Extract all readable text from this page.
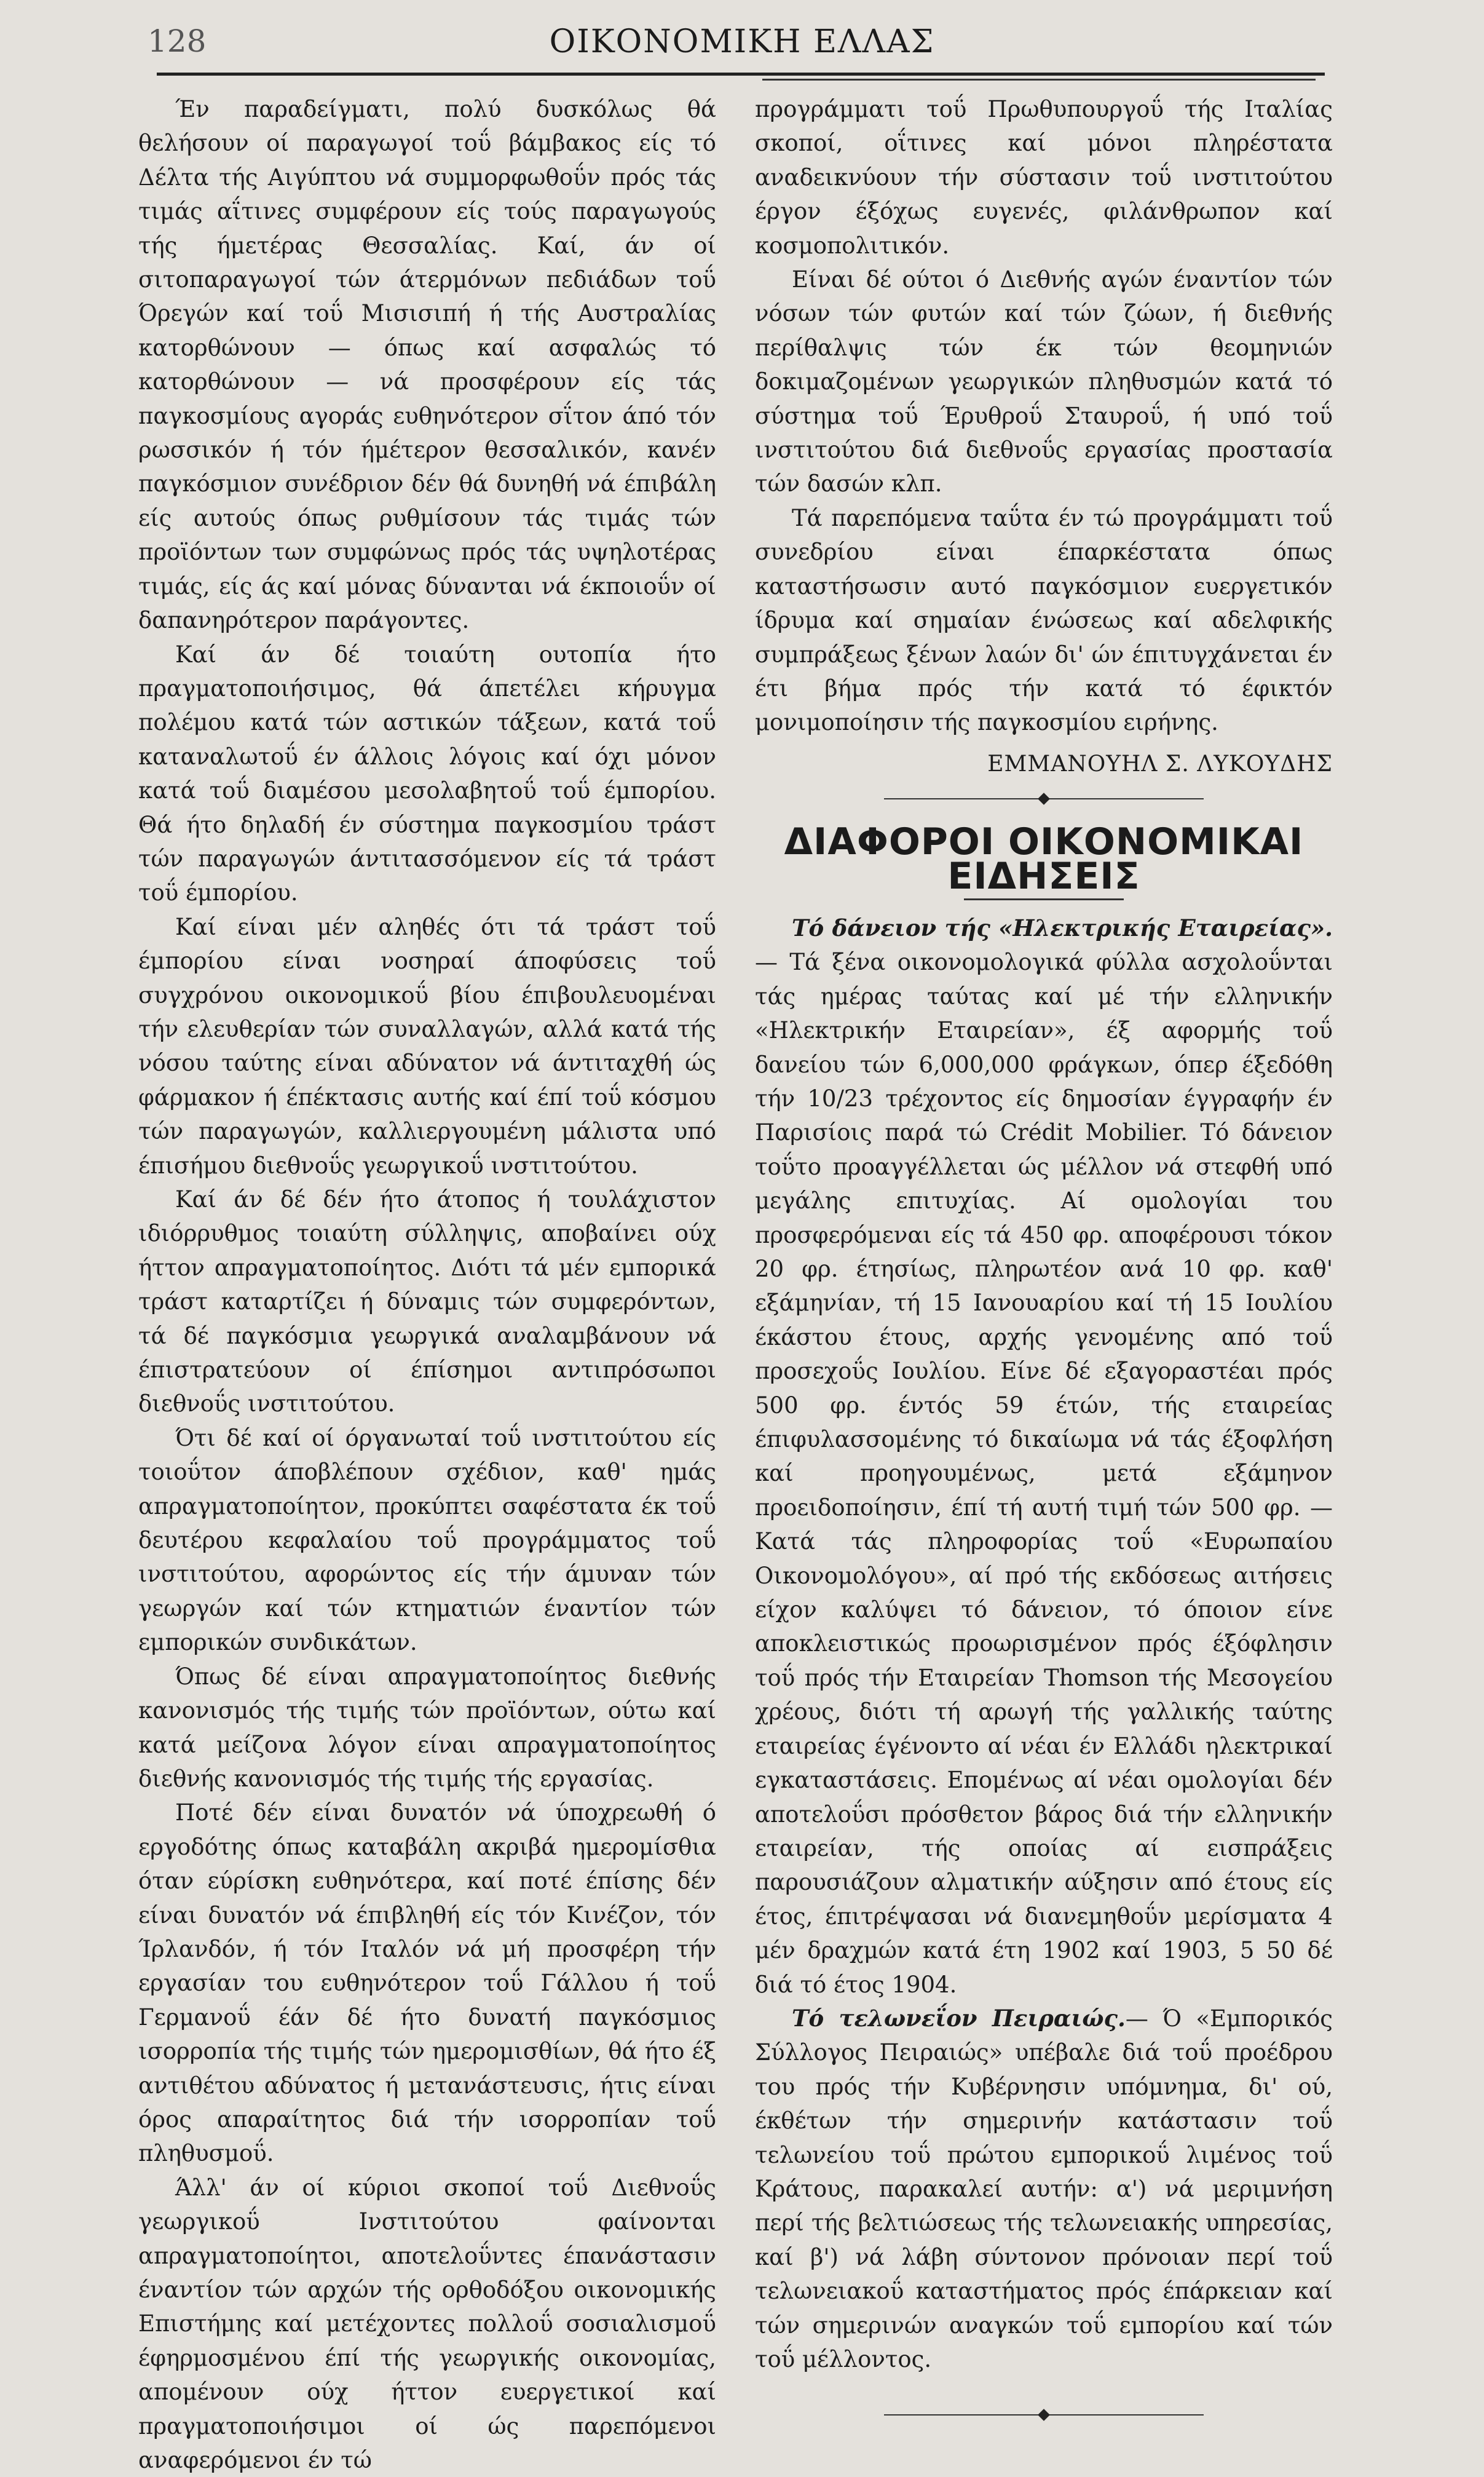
128	ΟΙΚΟΝΟΜΙΚΗ ΕΛΛΑΣ

Έν παραδείγματι, πολύ δυσκόλως θά θελήσουν οί παραγωγοί τοΰ βάμβακος είς τό Δέλτα τής Αιγύπτου νά συμμορφωθοΰν πρός τάς τιμάς αΐτινες συμφέρουν είς τούς παραγωγούς τής ήμετέρας Θεσσαλίας. Καί, άν οί σιτοπαραγωγοί τών άτερμόνων πεδιάδων τοΰ Όρεγών καί τοΰ Μισισιπή ή τής Αυστραλίας κατορθώνουν — όπως καί ασφαλώς τό κατορθώνουν — νά προσφέρουν είς τάς παγκοσμίους αγοράς ευθηνότερον σΐτον άπό τόν ρωσσικόν ή τόν ήμέτερον θεσσαλικόν, κανέν παγκόσμιον συνέδριον δέν θά δυνηθή νά έπιβάλη είς αυτούς όπως ρυθμίσουν τάς τιμάς τών προϊόντων των συμφώνως πρός τάς υψηλοτέρας τιμάς, είς άς καί μόνας δύνανται νά έκποιοΰν οί δαπανηρότερον παράγοντες.

Καί άν δέ τοιαύτη ουτοπία ήτο πραγματοποιήσιμος, θά άπετέλει κήρυγμα πολέμου κατά τών αστικών τάξεων, κατά τοΰ καταναλωτοΰ έν άλλοις λόγοις καί όχι μόνον κατά τοΰ διαμέσου μεσολαβητοΰ τοΰ έμπορίου. Θά ήτο δηλαδή έν σύστημα παγκοσμίου τράστ τών παραγωγών άντιτασσόμενον είς τά τράστ τοΰ έμπορίου.

Καί είναι μέν αληθές ότι τά τράστ τοΰ έμπορίου είναι νοσηραί άποφύσεις τοΰ συγχρόνου οικονομικοΰ βίου έπιβουλευομέναι τήν ελευθερίαν τών συναλλαγών, αλλά κατά τής νόσου ταύτης είναι αδύνατον νά άντιταχθή ώς φάρμακον ή έπέκτασις αυτής καί έπί τοΰ κόσμου τών παραγωγών, καλλιεργουμένη μάλιστα υπό έπισήμου διεθνοΰς γεωργικοΰ ινστιτούτου.

Καί άν δέ δέν ήτο άτοπος ή τουλάχιστον ιδιόρρυθμος τοιαύτη σύλληψις, αποβαίνει ούχ ήττον απραγματοποίητος. Διότι τά μέν εμπορικά τράστ καταρτίζει ή δύναμις τών συμφερόντων, τά δέ παγκόσμια γεωργικά αναλαμβάνουν νά έπιστρατεύουν οί έπίσημοι αντιπρόσωποι διεθνοΰς ινστιτούτου.

Ότι δέ καί οί όργανωταί τοΰ ινστιτούτου είς τοιοΰτον άποβλέπουν σχέδιον, καθ' ημάς απραγματοποίητον, προκύπτει σαφέστατα έκ τοΰ δευτέρου κεφαλαίου τοΰ προγράμματος τοΰ ινστιτούτου, αφορώντος είς τήν άμυναν τών γεωργών καί τών κτηματιών έναντίον τών εμπορικών συνδικάτων.

Όπως δέ είναι απραγματοποίητος διεθνής κανονισμός τής τιμής τών προϊόντων, ούτω καί κατά μείζονα λόγον είναι απραγματοποίητος διεθνής κανονισμός τής τιμής τής εργασίας.

Ποτέ δέν είναι δυνατόν νά ύποχρεωθή ό εργοδότης όπως καταβάλη ακριβά ημερομίσθια όταν εύρίσκη ευθηνότερα, καί ποτέ έπίσης δέν είναι δυνατόν νά έπιβληθή είς τόν Κινέζον, τόν Ίρλανδόν, ή τόν Ιταλόν νά μή προσφέρη τήν εργασίαν του ευθηνότερον τοΰ Γάλλου ή τοΰ Γερμανοΰ έάν δέ ήτο δυνατή παγκόσμιος ισορροπία τής τιμής τών ημερομισθίων, θά ήτο έξ αντιθέτου αδύνατος ή μετανάστευσις, ήτις είναι όρος απαραίτητος διά τήν ισορροπίαν τοΰ πληθυσμοΰ.

Άλλ' άν οί κύριοι σκοποί τοΰ Διεθνοΰς γεωργικοΰ Ινστιτούτου φαίνονται απραγματοποίητοι, αποτελοΰντες έπανάστασιν έναντίον τών αρχών τής ορθοδόξου οικονομικής Επιστήμης καί μετέχοντες πολλοΰ σοσιαλισμοΰ έφηρμοσμένου έπί τής γεωργικής οικονομίας, απομένουν ούχ ήττον ευεργετικοί καί πραγματοποιήσιμοι οί ώς παρεπόμενοι αναφερόμενοι έν τώ

προγράμματι τοΰ Πρωθυπουργοΰ τής Ιταλίας σκοποί, οΐτινες καί μόνοι πληρέστατα αναδεικνύουν τήν σύστασιν τοΰ ινστιτούτου έργον έξόχως ευγενές, φιλάνθρωπον καί κοσμοπολιτικόν.

Είναι δέ ούτοι ό Διεθνής αγών έναντίον τών νόσων τών φυτών καί τών ζώων, ή διεθνής περίθαλψις τών έκ τών θεομηνιών δοκιμαζομένων γεωργικών πληθυσμών κατά τό σύστημα τοΰ Έρυθροΰ Σταυροΰ, ή υπό τοΰ ινστιτούτου διά διεθνοΰς εργασίας προστασία τών δασών κλπ.

Τά παρεπόμενα ταΰτα έν τώ προγράμματι τοΰ συνεδρίου είναι έπαρκέστατα όπως καταστήσωσιν αυτό παγκόσμιον ευεργετικόν ίδρυμα καί σημαίαν ένώσεως καί αδελφικής συμπράξεως ξένων λαών δι' ών έπιτυγχάνεται έν έτι βήμα πρός τήν κατά τό έφικτόν μονιμοποίησιν τής παγκοσμίου ειρήνης.

ΕΜΜΑΝΟΥΗΛ Σ. ΛΥΚΟΥΔΗΣ
ΔΙΑΦΟΡΟΙ ΟΙΚΟΝΟΜΙΚΑΙ ΕΙΔΗΣΕΙΣ

Τό δάνειον τής «Ηλεκτρικής Εταιρείας».— Τά ξένα οικονομολογικά φύλλα ασχολοΰνται τάς ημέρας ταύτας καί μέ τήν ελληνικήν «Ηλεκτρικήν Εταιρείαν», έξ αφορμής τοΰ δανείου τών 6,000,000 φράγκων, όπερ έξεδόθη τήν 10/23 τρέχοντος είς δημοσίαν έγγραφήν έν Παρισίοις παρά τώ Crédit Mobilier. Τό δάνειον τοΰτο προαγγέλλεται ώς μέλλον νά στεφθή υπό μεγάλης επιτυχίας. Αί ομολογίαι του προσφερόμεναι είς τά 450 φρ. αποφέρουσι τόκον 20 φρ. έτησίως, πληρωτέον ανά 10 φρ. καθ' εξάμηνίαν, τή 15 Ιανουαρίου καί τή 15 Ιουλίου έκάστου έτους, αρχής γενομένης από τοΰ προσεχοΰς Ιουλίου. Είνε δέ εξαγοραστέαι πρός 500 φρ. έντός 59 έτών, τής εταιρείας έπιφυλασσομένης τό δικαίωμα νά τάς έξοφλήση καί προηγουμένως, μετά εξάμηνον προειδοποίησιν, έπί τή αυτή τιμή τών 500 φρ. — Κατά τάς πληροφορίας τοΰ «Ευρωπαίου Οικονομολόγου», αί πρό τής εκδόσεως αιτήσεις είχον καλύψει τό δάνειον, τό όποιον είνε αποκλειστικώς προωρισμένον πρός έξόφλησιν τοΰ πρός τήν Εταιρείαν Thomson τής Μεσογείου χρέους, διότι τή αρωγή τής γαλλικής ταύτης εταιρείας έγένοντο αί νέαι έν Ελλάδι ηλεκτρικαί εγκαταστάσεις. Επομένως αί νέαι ομολογίαι δέν αποτελοΰσι πρόσθετον βάρος διά τήν ελληνικήν εταιρείαν, τής οποίας αί εισπράξεις παρουσιάζουν αλματικήν αύξησιν από έτους είς έτος, έπιτρέψασαι νά διανεμηθοΰν μερίσματα 4 μέν δραχμών κατά έτη 1902 καί 1903, 5 50 δέ διά τό έτος 1904.

Τό τελωνεΐον Πειραιώς.— Ό «Εμπορικός Σύλλογος Πειραιώς» υπέβαλε διά τοΰ προέδρου του πρός τήν Κυβέρνησιν υπόμνημα, δι' ού, έκθέτων τήν σημερινήν κατάστασιν τοΰ τελωνείου τοΰ πρώτου εμπορικοΰ λιμένος τοΰ Κράτους, παρακαλεί αυτήν: α') νά μεριμνήση περί τής βελτιώσεως τής τελωνειακής υπηρεσίας, καί β') νά λάβη σύντονον πρόνοιαν περί τοΰ τελωνειακοΰ καταστήματος πρός έπάρκειαν καί τών σημερινών αναγκών τοΰ εμπορίου καί τών τοΰ μέλλοντος.
